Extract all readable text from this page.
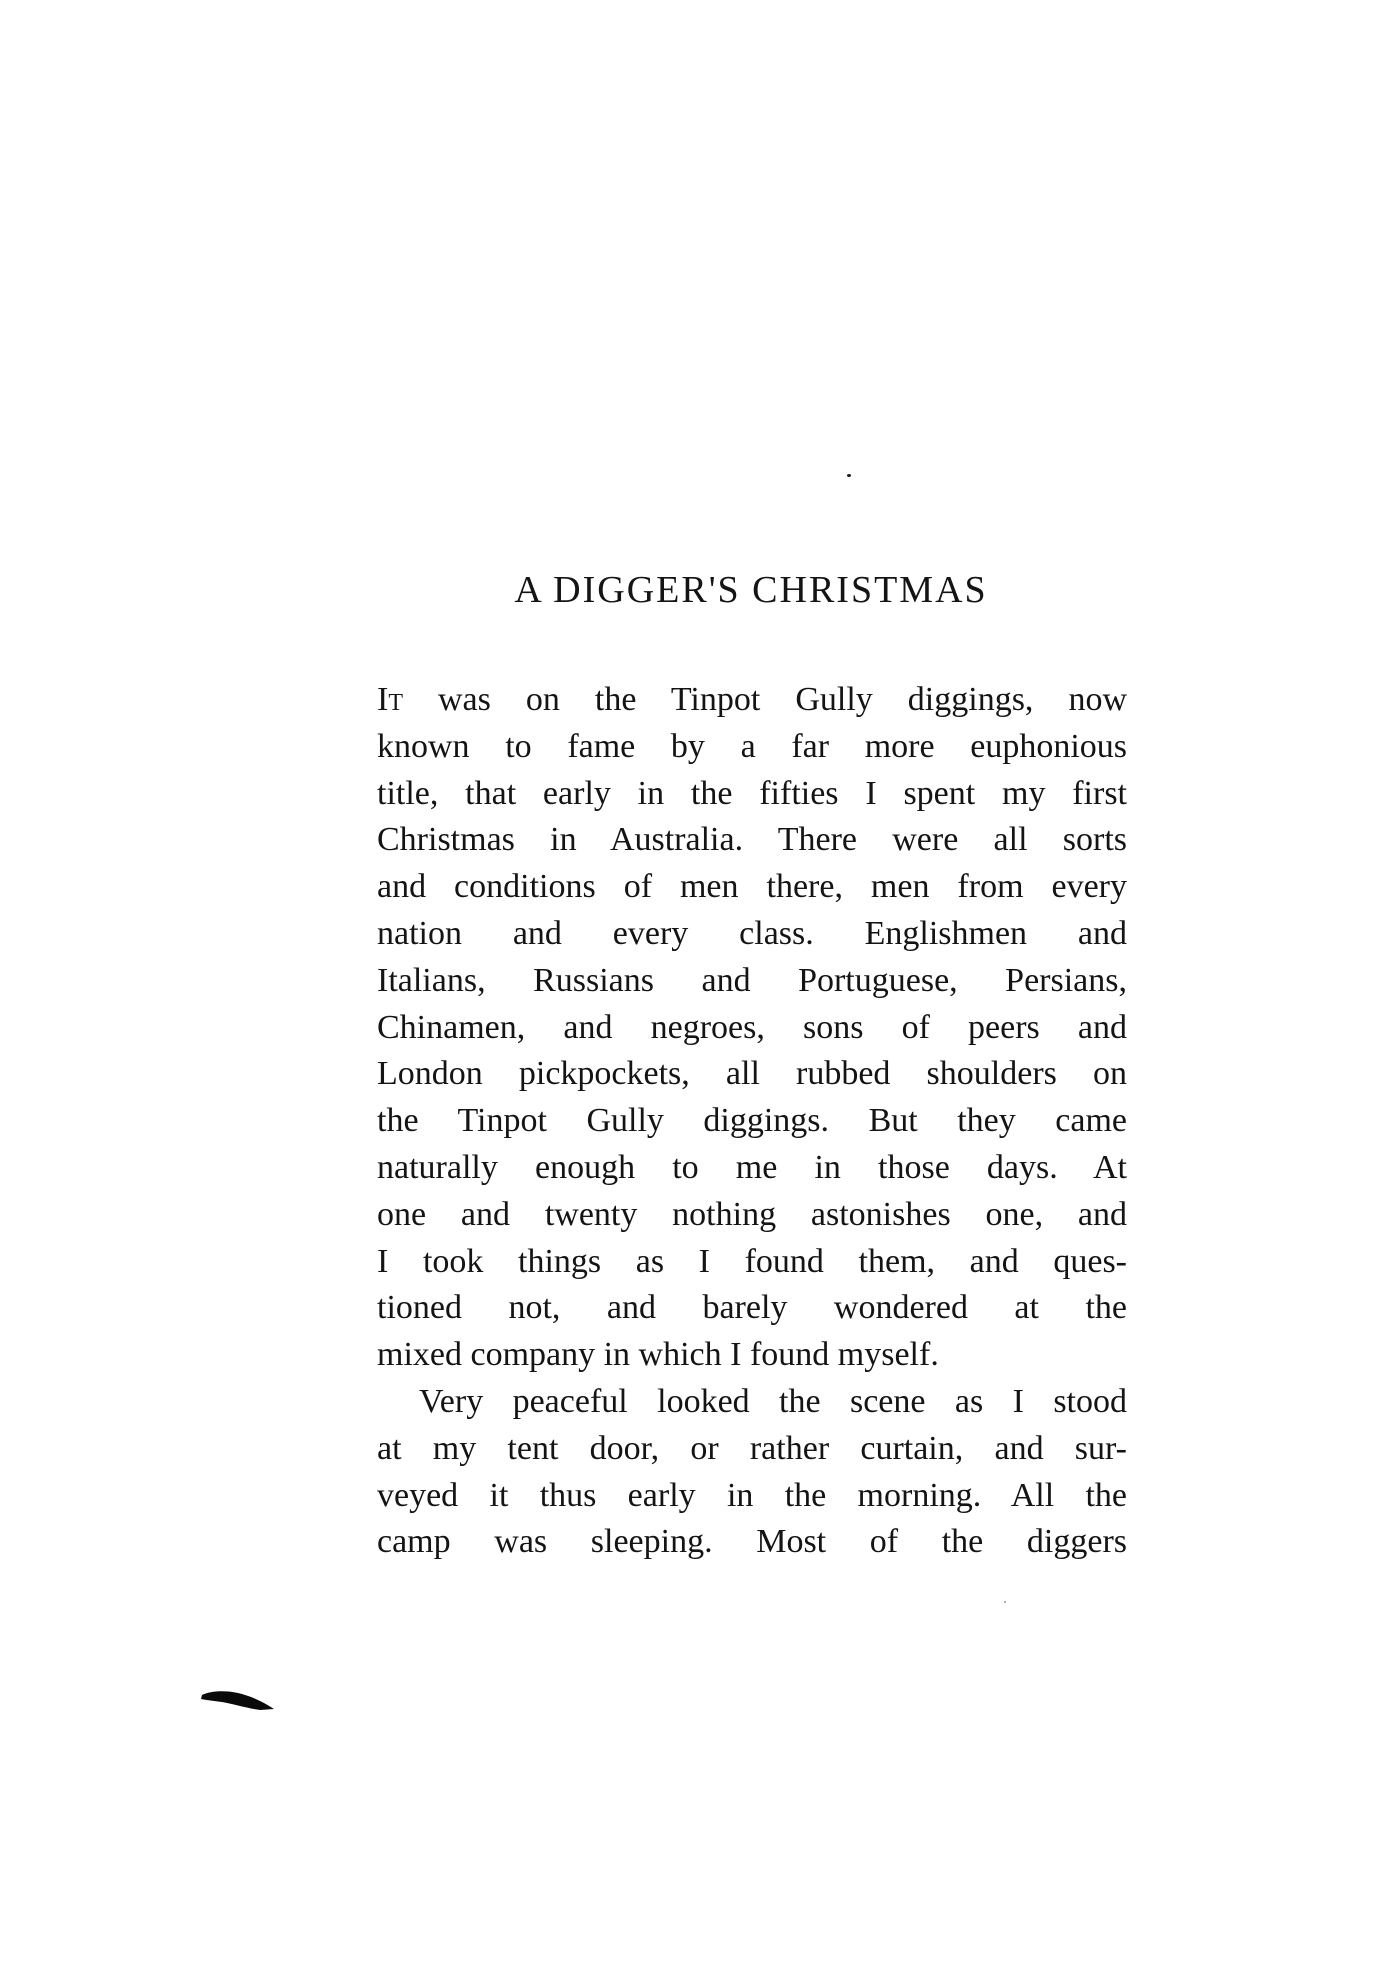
A DIGGER'S CHRISTMAS
It was on the Tinpot Gully diggings, now
known to fame by a far more euphonious
title, that early in the fifties I spent my first
Christmas in Australia. There were all sorts
and conditions of men there, men from every
nation and every class. Englishmen and
Italians, Russians and Portuguese, Persians,
Chinamen, and negroes, sons of peers and
London pickpockets, all rubbed shoulders on
the Tinpot Gully diggings. But they came
naturally enough to me in those days. At
one and twenty nothing astonishes one, and
I took things as I found them, and ques-
tioned not, and barely wondered at the
mixed company in which I found myself.
Very peaceful looked the scene as I stood
at my tent door, or rather curtain, and sur-
veyed it thus early in the morning. All the
camp was sleeping. Most of the diggers
